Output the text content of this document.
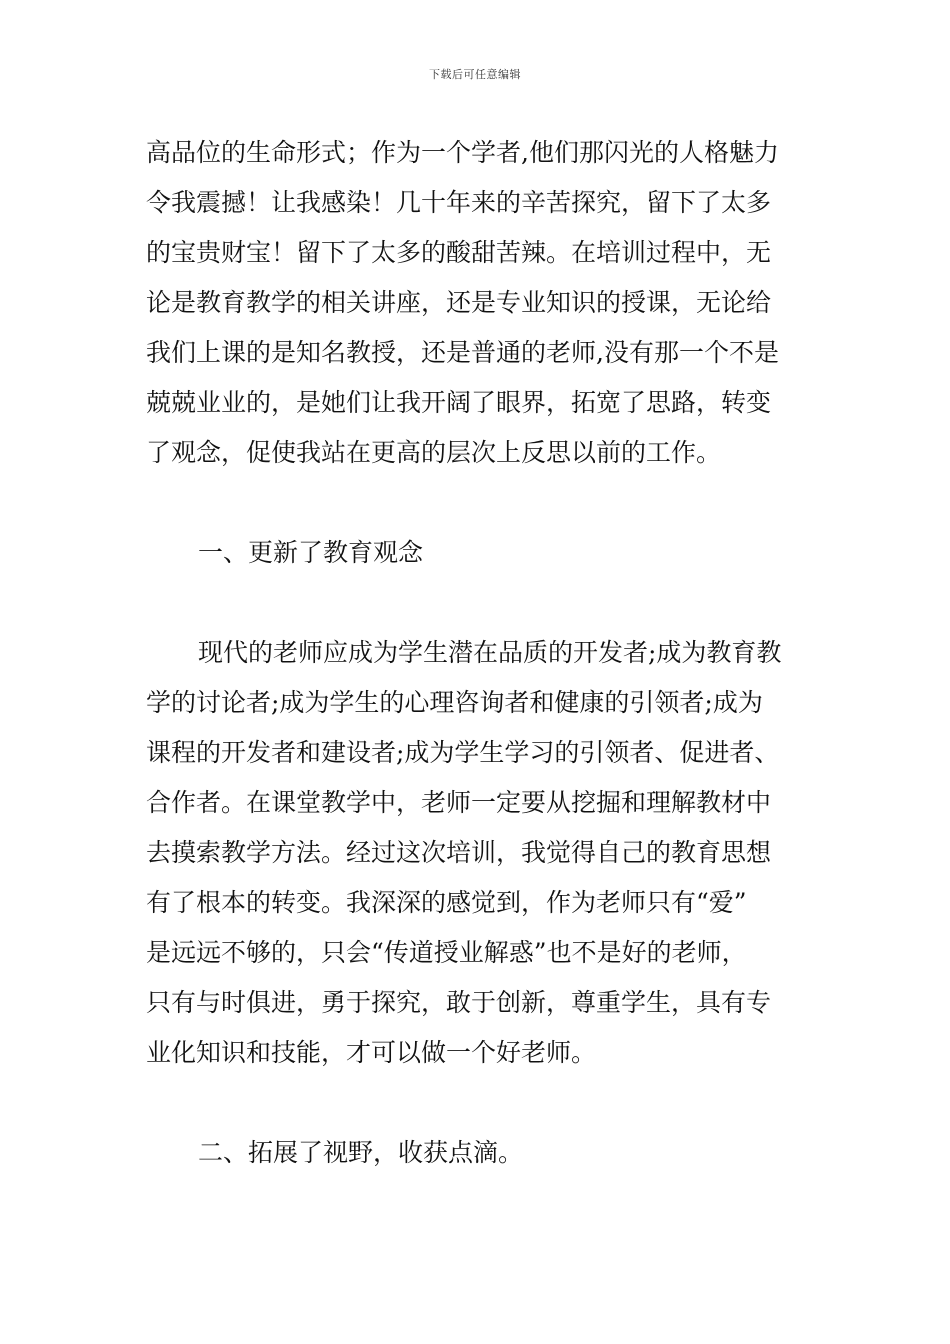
下载后可任意编辑
高品位的生命形式；作为一个学者,他们那闪光的人格魅力
令我震撼！让我感染！几十年来的辛苦探究，留下了太多
的宝贵财宝！留下了太多的酸甜苦辣。在培训过程中，无
论是教育教学的相关讲座，还是专业知识的授课，无论给
我们上课的是知名教授，还是普通的老师,没有那一个不是
兢兢业业的，是她们让我开阔了眼界，拓宽了思路，转变
了观念，促使我站在更高的层次上反思以前的工作。
一、更新了教育观念
现代的老师应成为学生潜在品质的开发者;成为教育教
学的讨论者;成为学生的心理咨询者和健康的引领者;成为
课程的开发者和建设者;成为学生学习的引领者、促进者、
合作者。在课堂教学中，老师一定要从挖掘和理解教材中
去摸索教学方法。经过这次培训，我觉得自己的教育思想
有了根本的转变。我深深的感觉到，作为老师只有“爱”
是远远不够的，只会“传道授业解惑”也不是好的老师，
只有与时俱进，勇于探究，敢于创新，尊重学生，具有专
业化知识和技能，才可以做一个好老师。
二、拓展了视野，收获点滴。
